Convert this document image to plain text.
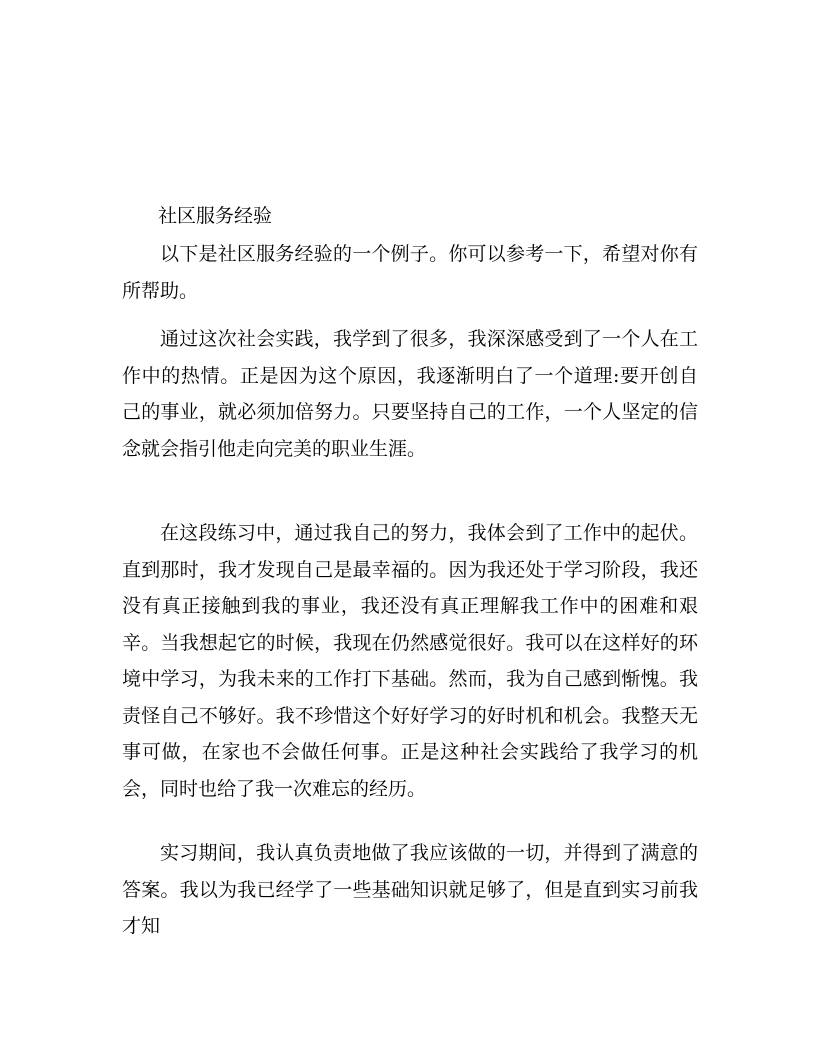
社区服务经验

以下是社区服务经验的一个例子。你可以参考一下，希望对你有所帮助。

通过这次社会实践，我学到了很多，我深深感受到了一个人在工作中的热情。正是因为这个原因，我逐渐明白了一个道理:要开创自己的事业，就必须加倍努力。只要坚持自己的工作，一个人坚定的信念就会指引他走向完美的职业生涯。

在这段练习中，通过我自己的努力，我体会到了工作中的起伏。直到那时，我才发现自己是最幸福的。因为我还处于学习阶段，我还没有真正接触到我的事业，我还没有真正理解我工作中的困难和艰辛。当我想起它的时候，我现在仍然感觉很好。我可以在这样好的环境中学习，为我未来的工作打下基础。然而，我为自己感到惭愧。我责怪自己不够好。我不珍惜这个好好学习的好时机和机会。我整天无事可做，在家也不会做任何事。正是这种社会实践给了我学习的机会，同时也给了我一次难忘的经历。

实习期间，我认真负责地做了我应该做的一切，并得到了满意的答案。我以为我已经学了一些基础知识就足够了，但是直到实习前我才知
